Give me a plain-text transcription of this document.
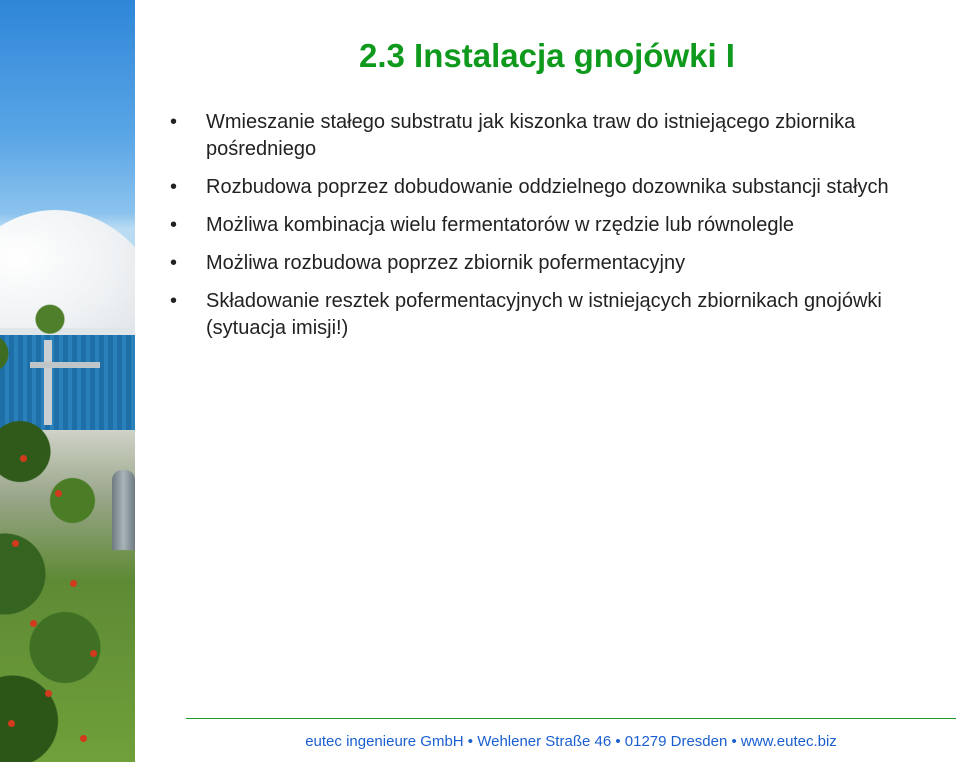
2.3 Instalacja gnojówki I
•	Wmieszanie stałego substratu jak kiszonka traw do istniejącego zbiornika pośredniego
•	Rozbudowa poprzez dobudowanie oddzielnego dozownika substancji stałych
•	Możliwa kombinacja wielu fermentatorów w rzędzie lub równolegle
•	Możliwa rozbudowa poprzez zbiornik pofermentacyjny
•	Składowanie resztek pofermentacyjnych w istniejących zbiornikach gnojówki (sytuacja imisji!)
eutec ingenieure GmbH • Wehlener Straße 46 • 01279 Dresden • www.eutec.biz
